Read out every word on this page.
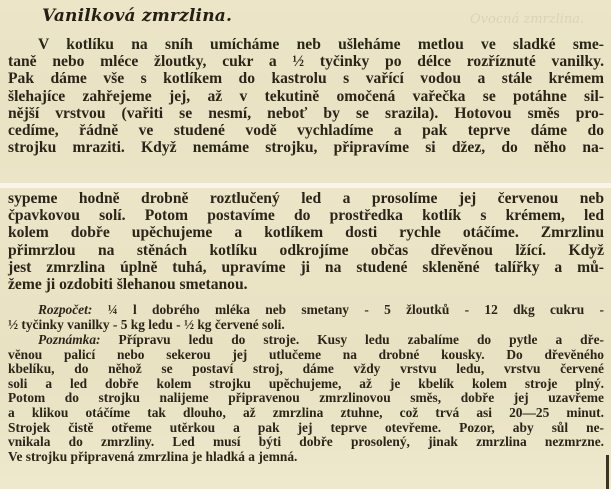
Ovocná zmrzlina.
Vanilková zmrzlina.
V kotlíku na sníh umícháme neb ušleháme metlou ve sladké sme-
taně nebo mléce žloutky, cukr a ½ tyčinky po délce rozříznuté vanilky.
Pak dáme vše s kotlíkem do kastrolu s vařící vodou a stále krémem
šlehajíce zahřejeme jej, až v tekutině omočená vařečka se potáhne sil-
nější vrstvou (vařiti se nesmí, neboť by se srazila). Hotovou směs pro-
cedíme, řádně ve studené vodě vychladíme a pak teprve dáme do
strojku mraziti. Když nemáme strojku, připravíme si džez, do něho na-
sypeme hodně drobně roztlučený led a prosolíme jej červenou neb
čpavkovou solí. Potom postavíme do prostředka kotlík s krémem, led
kolem dobře upěchujeme a kotlíkem dosti rychle otáčíme. Zmrzlinu
přimrzlou na stěnách kotlíku odkrojíme občas dřevěnou lžící. Když
jest zmrzlina úplně tuhá, upravíme ji na studené skleněné talířky a mů-
žeme ji ozdobiti šlehanou smetanou.
Rozpočet: ¼ l dobrého mléka neb smetany - 5 žloutků - 12 dkg cukru -
½ tyčinky vanilky - 5 kg ledu - ½ kg červené soli.
Poznámka: Přípravu ledu do stroje. Kusy ledu zabalíme do pytle a dře-
věnou palicí nebo sekerou jej utlučeme na drobné kousky. Do dřevěného
kbelíku, do něhož se postaví stroj, dáme vždy vrstvu ledu, vrstvu červené
soli a led dobře kolem strojku upěchujeme, až je kbelík kolem stroje plný.
Potom do strojku nalijeme připravenou zmrzlinovou směs, dobře jej uzavřeme
a klikou otáčíme tak dlouho, až zmrzlina ztuhne, což trvá asi 20—25 minut.
Strojek čistě otřeme utěrkou a pak jej teprve otevřeme. Pozor, aby sůl ne-
vnikala do zmrzliny. Led musí býti dobře prosolený, jinak zmrzlina nezmrzne.
Ve strojku připravená zmrzlina je hladká a jemná.
